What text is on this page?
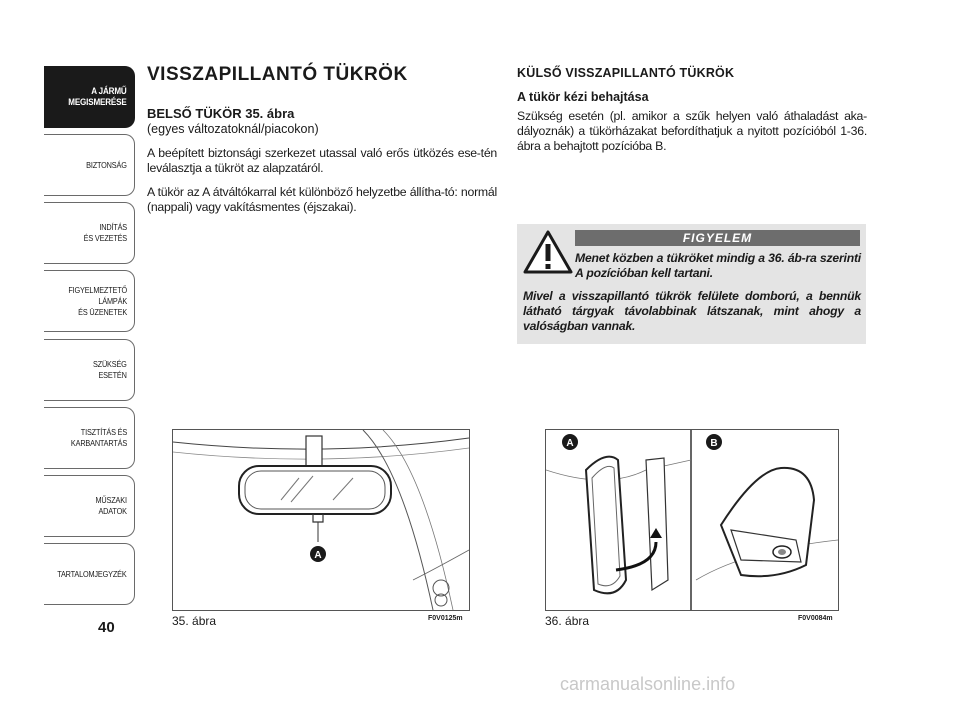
A JÁRMŰ
MEGISMERÉSE
BIZTONSÁG
INDÍTÁS
ÉS VEZETÉS
FIGYELMEZTETŐ
LÁMPÁK
ÉS ÜZENETEK
SZÜKSÉG
ESETÉN
TISZTÍTÁS ÉS
KARBANTARTÁS
MŰSZAKI
ADATOK
TARTALOMJEGYZÉK
40
VISSZAPILLANTÓ TÜKRÖK

BELSŐ TÜKÖR 35. ábra

(egyes változatoknál/piacokon)

A beépített biztonsági szerkezet utassal való erős ütközés ese-tén leválasztja a tükröt az alapzatáról.

A tükör az A átváltókarral két különböző helyzetbe állítha-tó: normál (nappali) vagy vakításmentes (éjszakai).

KÜLSŐ VISSZAPILLANTÓ TÜKRÖK

A tükör kézi behajtása

Szükség esetén (pl. amikor a szűk helyen való áthaladást aka-dályoznák) a tükörházakat befordíthatjuk a nyitott pozícióból 1-36. ábra a behajtott pozícióba B.

FIGYELEM
Menet közben a tükröket mindig a 36. áb-ra szerinti A pozícióban kell tartani.
Mivel a visszapillantó tükrök felülete domború, a bennük látható tárgyak távolabbinak látszanak, mint ahogy a valóságban vannak.
A
35. ábra	F0V0125m
A	B
36. ábra	F0V0084m
carmanualsonline.info
